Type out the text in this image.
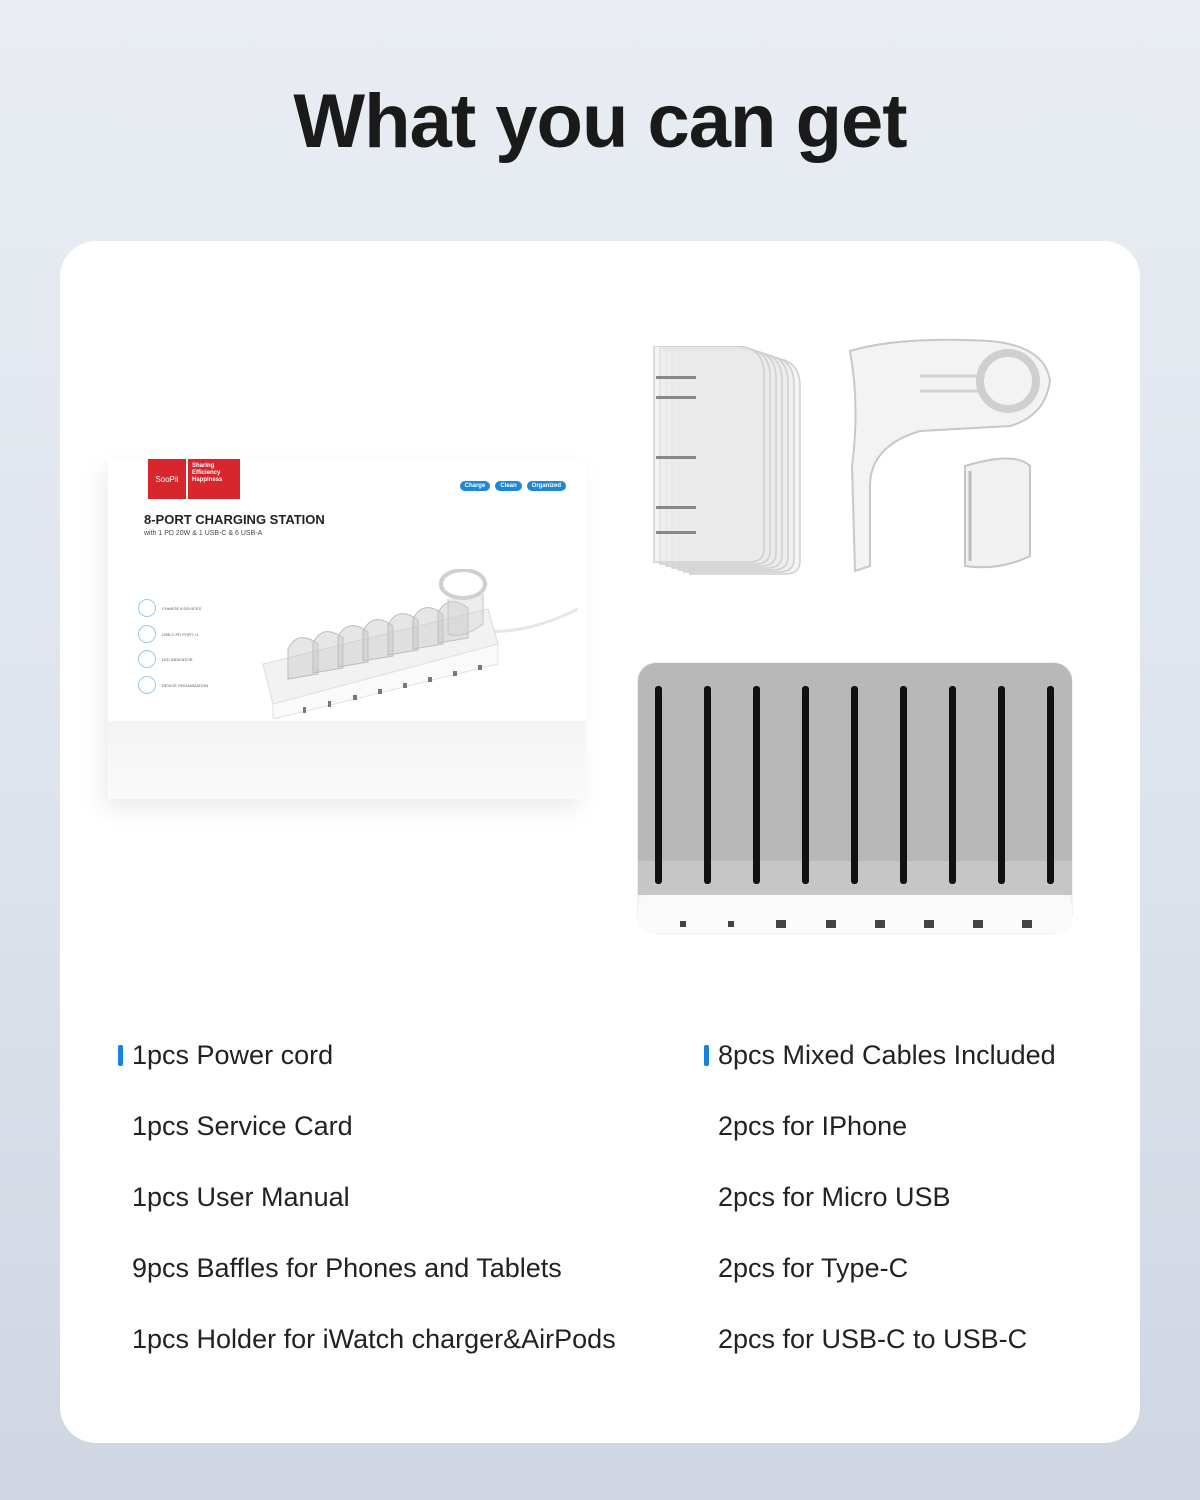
What you can get
SooPii
Sharing Efficiency Happiness
Charge	Clean	Organized
8-PORT CHARGING STATION
with 1 PD 20W & 1 USB-C & 6 USB-A
CHARGE 8 DEVICES
USB-C PD PORT ×1
LED INDICATOR
DEVICE ORGANIZATION
1pcs Power cord
1pcs Service Card
1pcs User Manual
9pcs Baffles for Phones and Tablets
1pcs Holder for iWatch charger&AirPods
8pcs Mixed Cables Included
2pcs for IPhone
2pcs for Micro USB
2pcs for Type-C
2pcs for USB-C to USB-C
